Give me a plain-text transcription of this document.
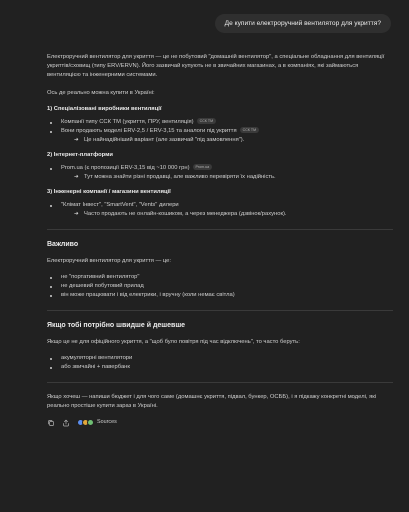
Де купити електроручний вентилятор для укриття?

Електроручний вентилятор для укриття — це не побутовий "домашній вентилятор", а спеціальне обладнання для вентиляції укриттів/сховищ (типу ERV/ERVN). Його зазвичай купують не в звичайних магазинах, а в компаніях, які займаються вентиляцією та інженерними системами.

Ось де реально можна купити в Україні:

1) Спеціалізовані виробники вентиляції

Компанії типу ССК ТМ (укриття, ПРУ, вентиляція) ССК ТМ
Вони продають моделі ERV-2,5 / ERV-3,15 та аналоги під укриття ССК ТМ
➜ Це найнадійніший варіант (але зазвичай "під замовлення").

2) Інтернет-платформи

Prom.ua (є пропозиції ERV-3,15 від ~10 000 грн) Prom.ua
➜ Тут можна знайти різні продавці, але важливо перевіряти їх надійність.

3) Інженерні компанії / магазини вентиляції

"Клімат Інвест", "SmartVent", "Vents" дилери
➜ Часто продають не онлайн-кошиком, а через менеджера (дзвінок/рахунок).
Важливо

Електроручний вентилятор для укриття — це:

не "портативний вентилятор"
не дешевий побутовий прилад
він може працювати і від електрики, і вручну (коли немає світла)
Якщо тобі потрібно швидше й дешевше

Якщо це не для офіційного укриття, а "щоб було повітря під час відключень", то часто беруть:

акумуляторні вентилятори
або звичайні + павербанк

Якщо хочеш — напиши бюджет і для чого саме (домашнє укриття, підвал, бункер, ОСББ), і я підкажу конкретні моделі, які реально простіше купити зараз в Україні.

Sources
